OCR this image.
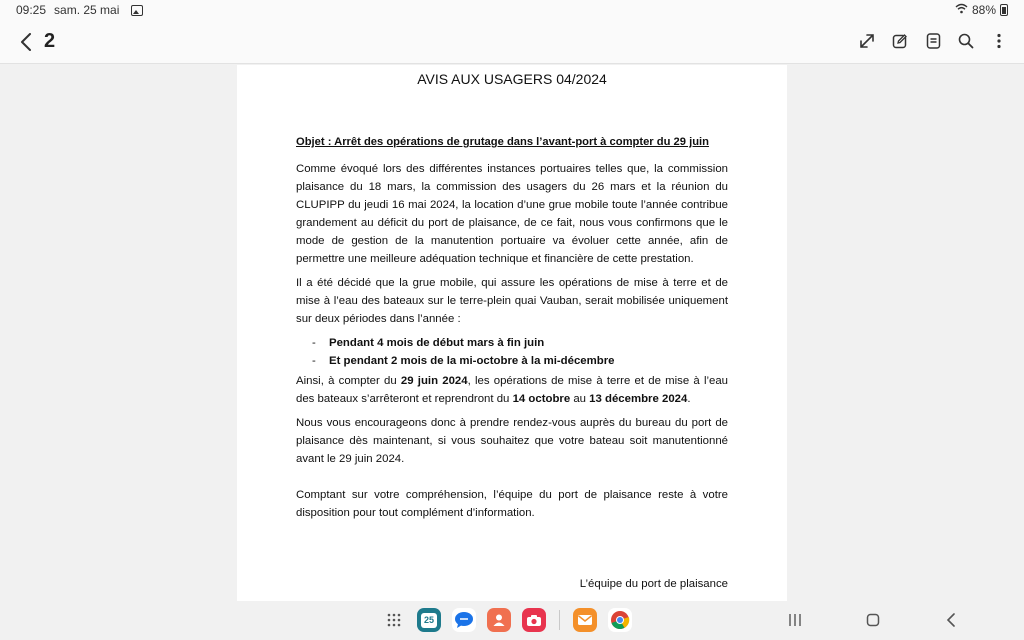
09:25 sam. 25 mai	88%
2
AVIS AUX USAGERS 04/2024
Objet : Arrêt des opérations de grutage dans l’avant-port à compter du 29 juin

Comme évoqué lors des différentes instances portuaires telles que, la commission plaisance du 18 mars, la commission des usagers du 26 mars et la réunion du CLUPIPP du jeudi 16 mai 2024, la location d’une grue mobile toute l’année contribue grandement au déficit du port de plaisance, de ce fait, nous vous confirmons que le mode de gestion de la manutention portuaire va évoluer cette année, afin de permettre une meilleure adéquation technique et financière de cette prestation.

Il a été décidé que la grue mobile, qui assure les opérations de mise à terre et de mise à l’eau des bateaux sur le terre-plein quai Vauban, serait mobilisée uniquement sur deux périodes dans l’année :

- Pendant 4 mois de début mars à fin juin
- Et pendant 2 mois de la mi-octobre à la mi-décembre

Ainsi, à compter du 29 juin 2024, les opérations de mise à terre et de mise à l’eau des bateaux s’arrêteront et reprendront du 14 octobre au 13 décembre 2024.

Nous vous encourageons donc à prendre rendez-vous auprès du bureau du port de plaisance dès maintenant, si vous souhaitez que votre bateau soit manutentionné avant le 29 juin 2024.

Comptant sur votre compréhension, l’équipe du port de plaisance reste à votre disposition pour tout complément d’information.

L’équipe du port de plaisance
25
